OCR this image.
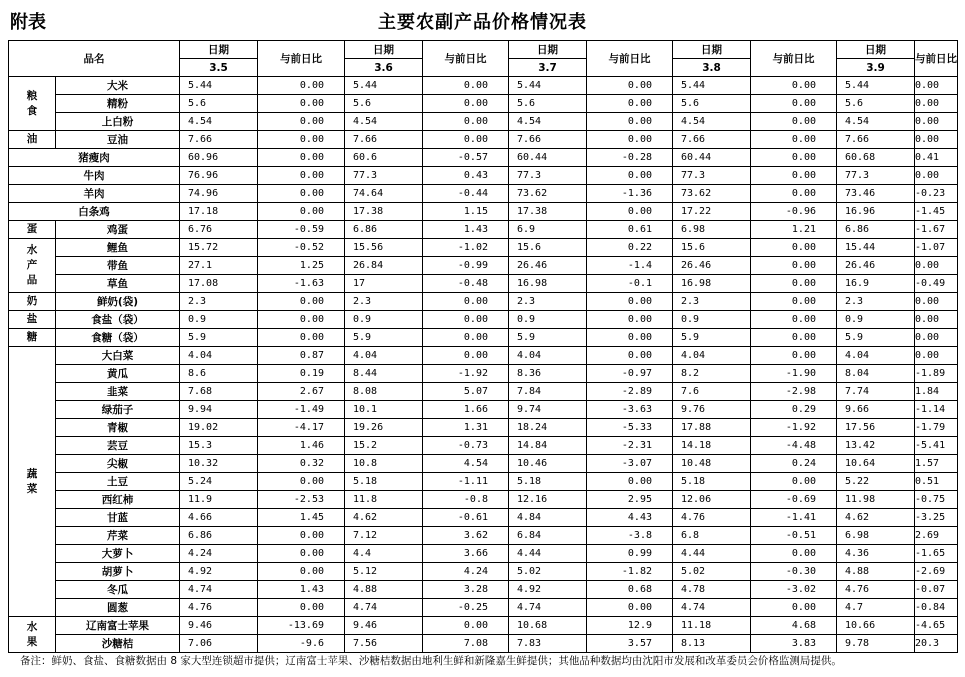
附表	主要农副产品价格情况表
品名		日期	与前日比	日期	与前日比	日期	与前日比	日期	与前日比	日期	与前日比
		3.5		3.6		3.7		3.8		3.9	
粮食	大米	5.44	0.00	5.44	0.00	5.44	0.00	5.44	0.00	5.44	0.00
	精粉	5.6	0.00	5.6	0.00	5.6	0.00	5.6	0.00	5.6	0.00
	上白粉	4.54	0.00	4.54	0.00	4.54	0.00	4.54	0.00	4.54	0.00
油	豆油	7.66	0.00	7.66	0.00	7.66	0.00	7.66	0.00	7.66	0.00
猪瘦肉		60.96	0.00	60.6	-0.57	60.44	-0.28	60.44	0.00	60.68	0.41
牛肉		76.96	0.00	77.3	0.43	77.3	0.00	77.3	0.00	77.3	0.00
羊肉		74.96	0.00	74.64	-0.44	73.62	-1.36	73.62	0.00	73.46	-0.23
白条鸡		17.18	0.00	17.38	1.15	17.38	0.00	17.22	-0.96	16.96	-1.45
蛋	鸡蛋	6.76	-0.59	6.86	1.43	6.9	0.61	6.98	1.21	6.86	-1.67
水产品	鲤鱼	15.72	-0.52	15.56	-1.02	15.6	0.22	15.6	0.00	15.44	-1.07
	带鱼	27.1	1.25	26.84	-0.99	26.46	-1.4	26.46	0.00	26.46	0.00
	草鱼	17.08	-1.63	17	-0.48	16.98	-0.1	16.98	0.00	16.9	-0.49
奶	鲜奶(袋)	2.3	0.00	2.3	0.00	2.3	0.00	2.3	0.00	2.3	0.00
盐	食盐（袋）	0.9	0.00	0.9	0.00	0.9	0.00	0.9	0.00	0.9	0.00
糖	食糖（袋）	5.9	0.00	5.9	0.00	5.9	0.00	5.9	0.00	5.9	0.00
蔬菜	大白菜	4.04	0.87	4.04	0.00	4.04	0.00	4.04	0.00	4.04	0.00
	黄瓜	8.6	0.19	8.44	-1.92	8.36	-0.97	8.2	-1.90	8.04	-1.89
	韭菜	7.68	2.67	8.08	5.07	7.84	-2.89	7.6	-2.98	7.74	1.84
	绿茄子	9.94	-1.49	10.1	1.66	9.74	-3.63	9.76	0.29	9.66	-1.14
	青椒	19.02	-4.17	19.26	1.31	18.24	-5.33	17.88	-1.92	17.56	-1.79
	芸豆	15.3	1.46	15.2	-0.73	14.84	-2.31	14.18	-4.48	13.42	-5.41
	尖椒	10.32	0.32	10.8	4.54	10.46	-3.07	10.48	0.24	10.64	1.57
	土豆	5.24	0.00	5.18	-1.11	5.18	0.00	5.18	0.00	5.22	0.51
	西红柿	11.9	-2.53	11.8	-0.8	12.16	2.95	12.06	-0.69	11.98	-0.75
	甘蓝	4.66	1.45	4.62	-0.61	4.84	4.43	4.76	-1.41	4.62	-3.25
	芹菜	6.86	0.00	7.12	3.62	6.84	-3.8	6.8	-0.51	6.98	2.69
	大萝卜	4.24	0.00	4.4	3.66	4.44	0.99	4.44	0.00	4.36	-1.65
	胡萝卜	4.92	0.00	5.12	4.24	5.02	-1.82	5.02	-0.30	4.88	-2.69
	冬瓜	4.74	1.43	4.88	3.28	4.92	0.68	4.78	-3.02	4.76	-0.07
	圆葱	4.76	0.00	4.74	-0.25	4.74	0.00	4.74	0.00	4.7	-0.84
水果	辽南富士苹果	9.46	-13.69	9.46	0.00	10.68	12.9	11.18	4.68	10.66	-4.65
	沙糖桔	7.06	-9.6	7.56	7.08	7.83	3.57	8.13	3.83	9.78	20.3
备注：鲜奶、食盐、食糖数据由 8 家大型连锁超市提供；辽南富士苹果、沙糖桔数据由地利生鲜和新隆嘉生鲜提供；其他品种数据均由沈阳市发展和改革委员会价格监测局提供。
